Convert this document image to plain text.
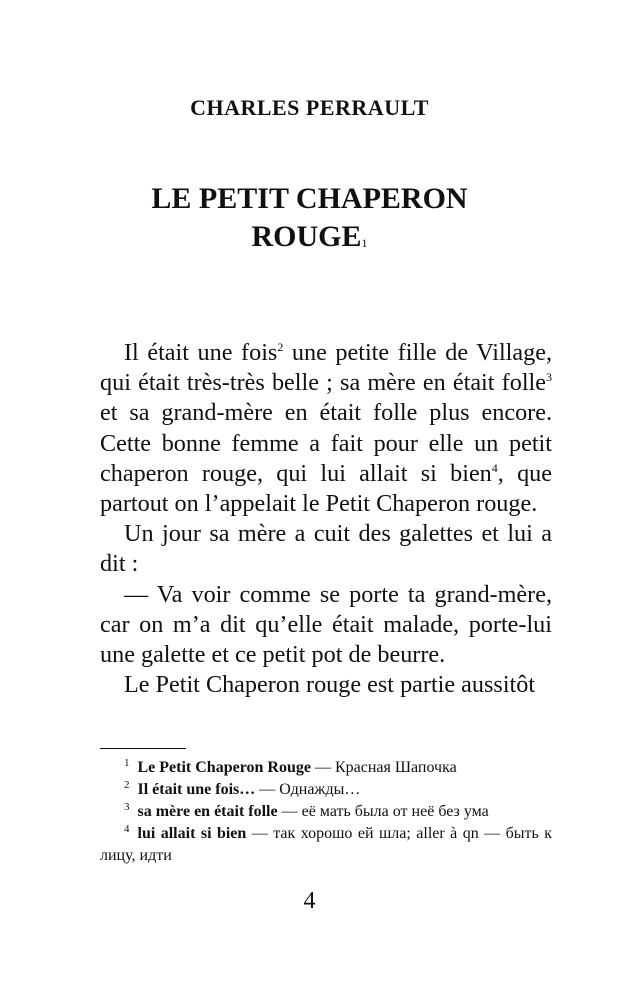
CHARLES PERRAULT
LE PETIT CHAPERON
ROUGE$^1$

Il était une fois$^2$ une petite fille de Village, qui était très-très belle ; sa mère en était folle$^3$ et sa grand-mère en était folle plus encore. Cette bonne femme a fait pour elle un petit chaperon rouge, qui lui allait si bien$^4$, que partout on l’appelait le Petit Chaperon rouge.

Un jour sa mère a cuit des galettes et lui a dit :

— Va voir comme se porte ta grand-mère, car on m’a dit qu’elle était malade, porte-lui une galette et ce petit pot de beurre.

Le Petit Chaperon rouge est partie aussitôt

$^1$ Le Petit Chaperon Rouge — Красная Шапочка
$^2$ Il était une fois… — Однажды…
$^3$ sa mère en était folle — её мать была от неё без ума
$^4$ lui allait si bien — так хорошо ей шла; aller à qn — быть к лицу, идти
4
